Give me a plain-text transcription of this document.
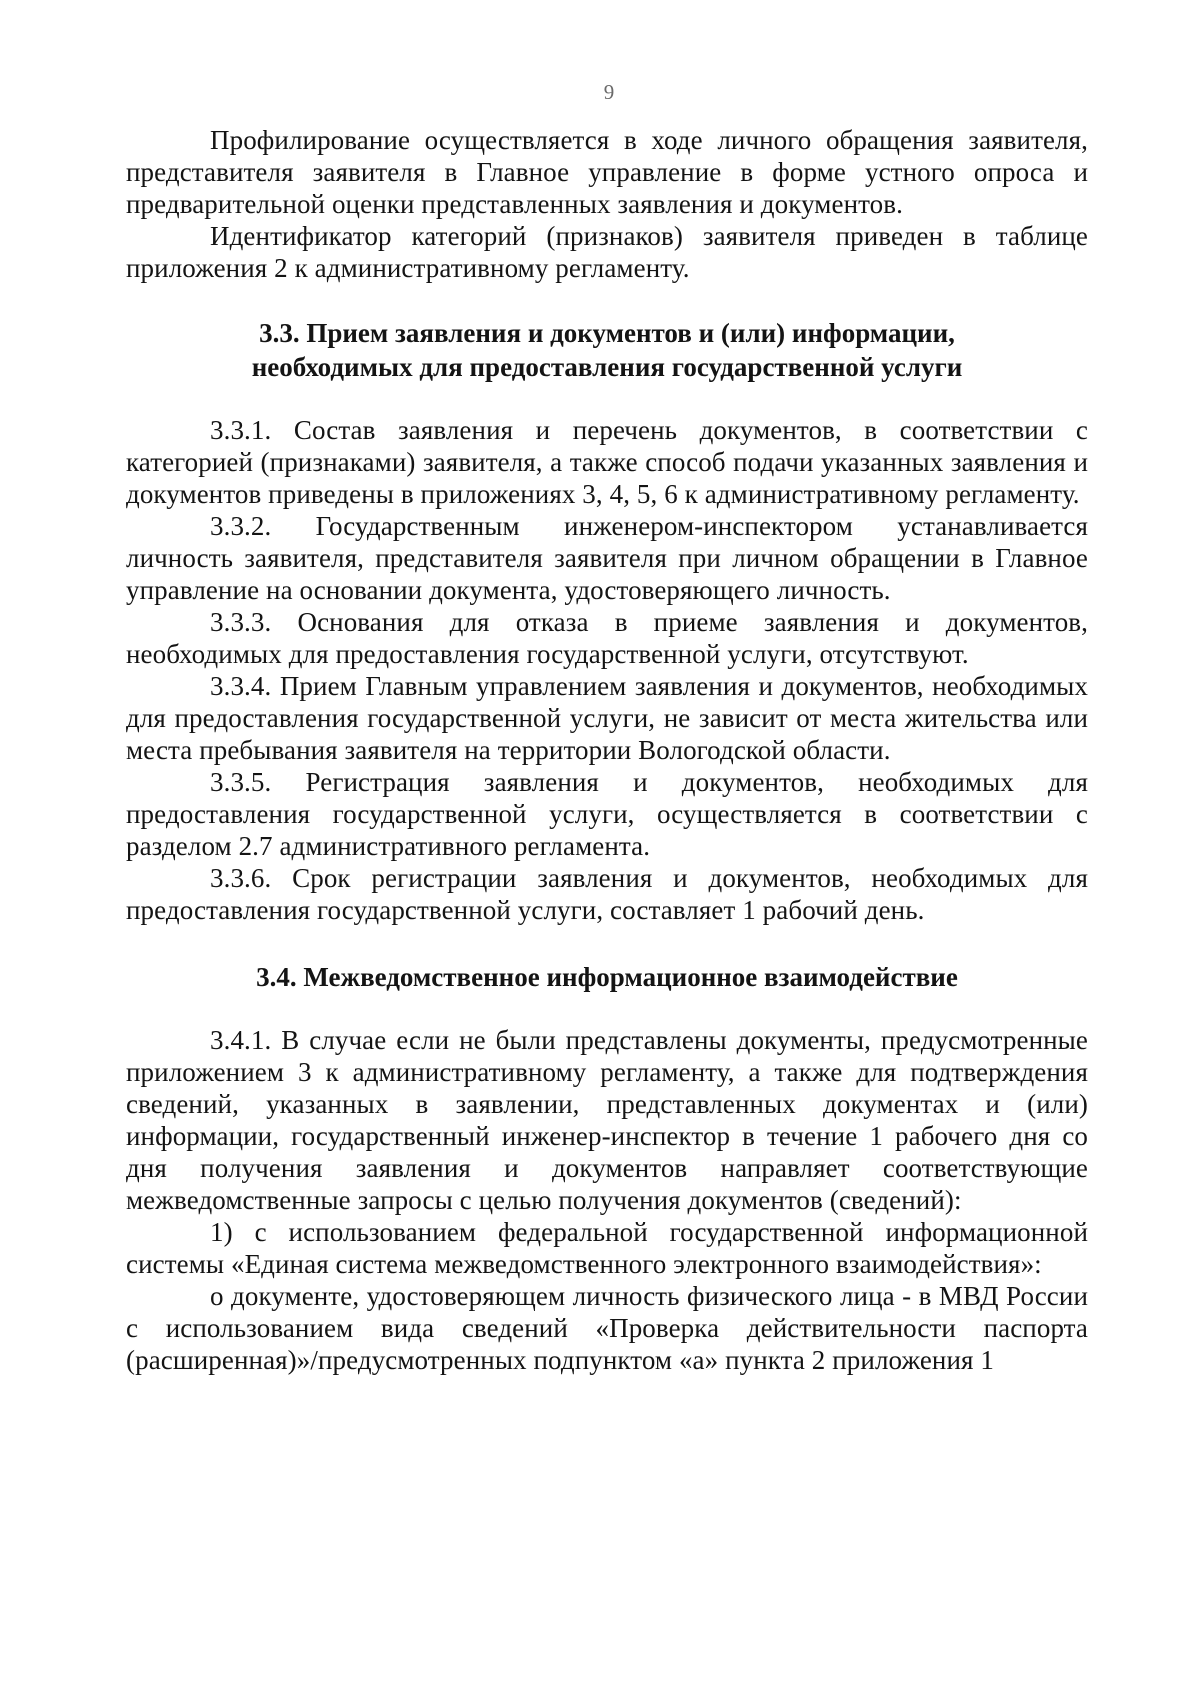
9

Профилирование осуществляется в ходе личного обращения заявителя, представителя заявителя в Главное управление в форме устного опроса и предварительной оценки представленных заявления и документов.

Идентификатор категорий (признаков) заявителя приведен в таблице приложения 2 к административному регламенту.

3.3. Прием заявления и документов и (или) информации,
необходимых для предоставления государственной услуги

3.3.1. Состав заявления и перечень документов, в соответствии с категорией (признаками) заявителя, а также способ подачи указанных заявления и документов приведены в приложениях 3, 4, 5, 6 к административному регламенту.

3.3.2. Государственным инженером-инспектором устанавливается личность заявителя, представителя заявителя при личном обращении в Главное управление на основании документа, удостоверяющего личность.

3.3.3. Основания для отказа в приеме заявления и документов, необходимых для предоставления государственной услуги, отсутствуют.

3.3.4. Прием Главным управлением заявления и документов, необходимых для предоставления государственной услуги, не зависит от места жительства или места пребывания заявителя на территории Вологодской области.

3.3.5. Регистрация заявления и документов, необходимых для предоставления государственной услуги, осуществляется в соответствии с разделом 2.7 административного регламента.

3.3.6. Срок регистрации заявления и документов, необходимых для предоставления государственной услуги, составляет 1 рабочий день.

3.4. Межведомственное информационное взаимодействие

3.4.1. В случае если не были представлены документы, предусмотренные приложением 3 к административному регламенту, а также для подтверждения сведений, указанных в заявлении, представленных документах и (или) информации, государственный инженер-инспектор в течение 1 рабочего дня со дня получения заявления и документов направляет соответствующие межведомственные запросы с целью получения документов (сведений):

1) с использованием федеральной государственной информационной системы «Единая система межведомственного электронного взаимодействия»:

о документе, удостоверяющем личность физического лица - в МВД России с использованием вида сведений «Проверка действительности паспорта (расширенная)»/предусмотренных подпунктом «а» пункта 2 приложения 1
